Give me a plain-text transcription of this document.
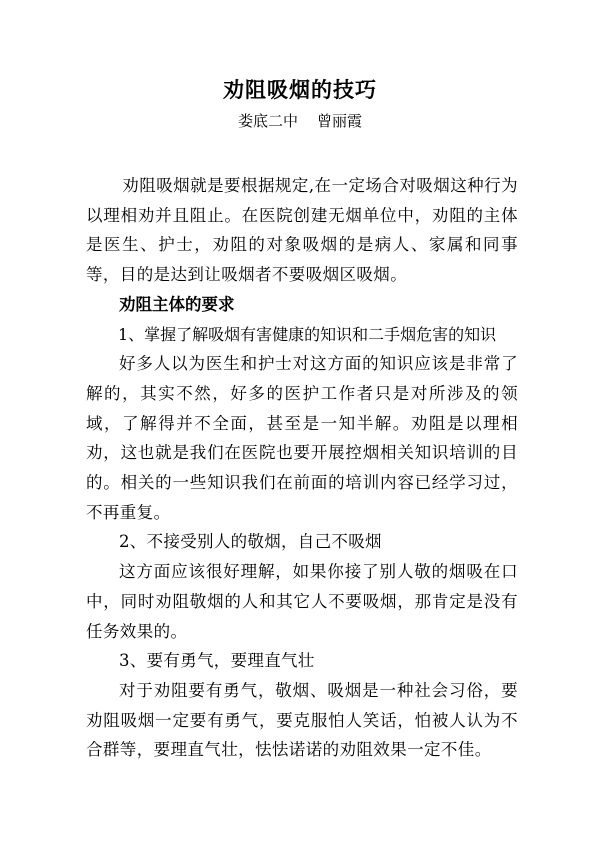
劝阻吸烟的技巧
娄底二中    曾丽霞

劝阻吸烟就是要根据规定,在一定场合对吸烟这种行为以理相劝并且阻止。在医院创建无烟单位中，劝阻的主体是医生、护士，劝阻的对象吸烟的是病人、家属和同事等，目的是达到让吸烟者不要吸烟区吸烟。

劝阻主体的要求

1、掌握了解吸烟有害健康的知识和二手烟危害的知识

好多人以为医生和护士对这方面的知识应该是非常了解的，其实不然，好多的医护工作者只是对所涉及的领域，了解得并不全面，甚至是一知半解。劝阻是以理相劝，这也就是我们在医院也要开展控烟相关知识培训的目的。相关的一些知识我们在前面的培训内容已经学习过，不再重复。

2、不接受别人的敬烟，自己不吸烟

这方面应该很好理解，如果你接了别人敬的烟吸在口中，同时劝阻敬烟的人和其它人不要吸烟，那肯定是没有任务效果的。

3、要有勇气，要理直气壮

对于劝阻要有勇气，敬烟、吸烟是一种社会习俗，要劝阻吸烟一定要有勇气，要克服怕人笑话，怕被人认为不合群等，要理直气壮，怯怯诺诺的劝阻效果一定不佳。
